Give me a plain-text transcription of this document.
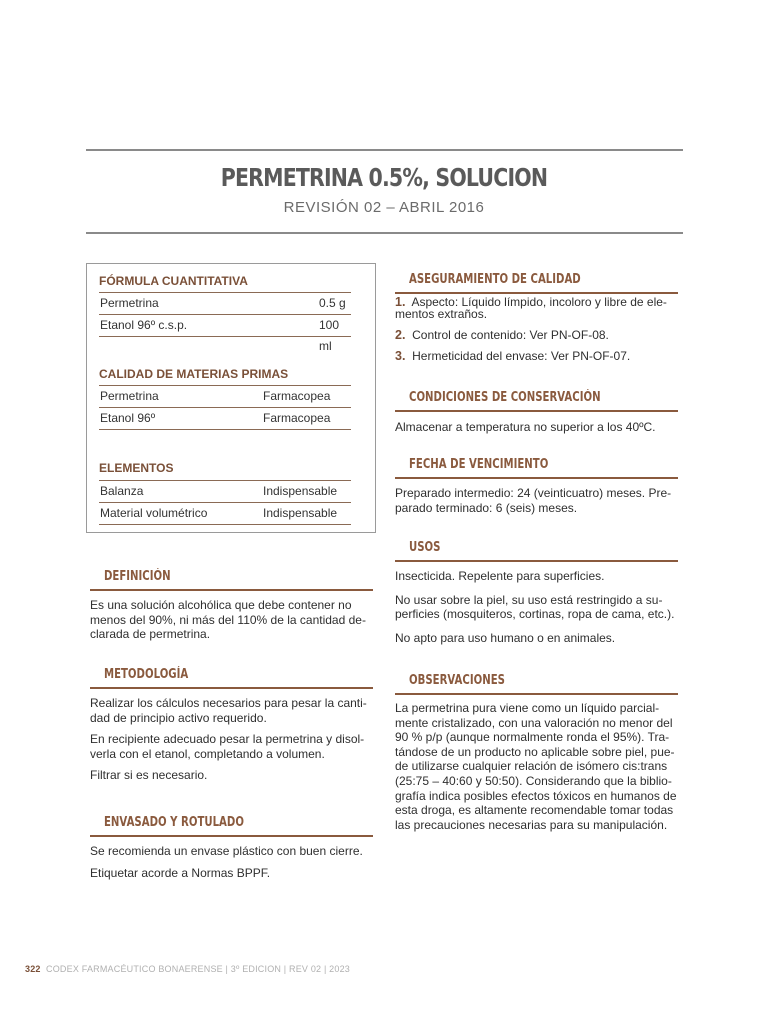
PERMETRINA 0.5%, SOLUCION
REVISIÓN 02 – ABRIL 2016
FÓRMULA CUANTITATIVA
Permetrina	0.5 g
Etanol 96º c.s.p.	100 ml
CALIDAD DE MATERIAS PRIMAS
Permetrina	Farmacopea
Etanol 96º	Farmacopea
ELEMENTOS
Balanza	Indispensable
Material volumétrico	Indispensable
DEFINICIÓN
Es una solución alcohólica que debe contener no
menos del 90%, ni más del 110% de la cantidad de-
clarada de permetrina.
METODOLOGÍA
Realizar los cálculos necesarios para pesar la canti-
dad de principio activo requerido.
En recipiente adecuado pesar la permetrina y disol-
verla con el etanol, completando a volumen.
Filtrar si es necesario.
ENVASADO Y ROTULADO
Se recomienda un envase plástico con buen cierre.
Etiquetar acorde a Normas BPPF.
ASEGURAMIENTO DE CALIDAD
1. Aspecto: Líquido límpido, incoloro y libre de ele-
mentos extraños.
2. Control de contenido: Ver PN-OF-08.
3. Hermeticidad del envase: Ver PN-OF-07.
CONDICIONES DE CONSERVACIÓN
Almacenar a temperatura no superior a los 40ºC.
FECHA DE VENCIMIENTO
Preparado intermedio: 24 (veinticuatro) meses. Pre-
parado terminado: 6 (seis) meses.
USOS
Insecticida. Repelente para superficies.
No usar sobre la piel, su uso está restringido a su-
perficies (mosquiteros, cortinas, ropa de cama, etc.).
No apto para uso humano o en animales.
OBSERVACIONES
La permetrina pura viene como un líquido parcial-
mente cristalizado, con una valoración no menor del
90 % p/p (aunque normalmente ronda el 95%). Tra-
tándose de un producto no aplicable sobre piel, pue-
de utilizarse cualquier relación de isómero cis:trans
(25:75 – 40:60 y 50:50). Considerando que la biblio-
grafía indica posibles efectos tóxicos en humanos de
esta droga, es altamente recomendable tomar todas
las precauciones necesarias para su manipulación.
322 CODEX FARMACÉUTICO BONAERENSE | 3º EDICION | REV 02 | 2023
